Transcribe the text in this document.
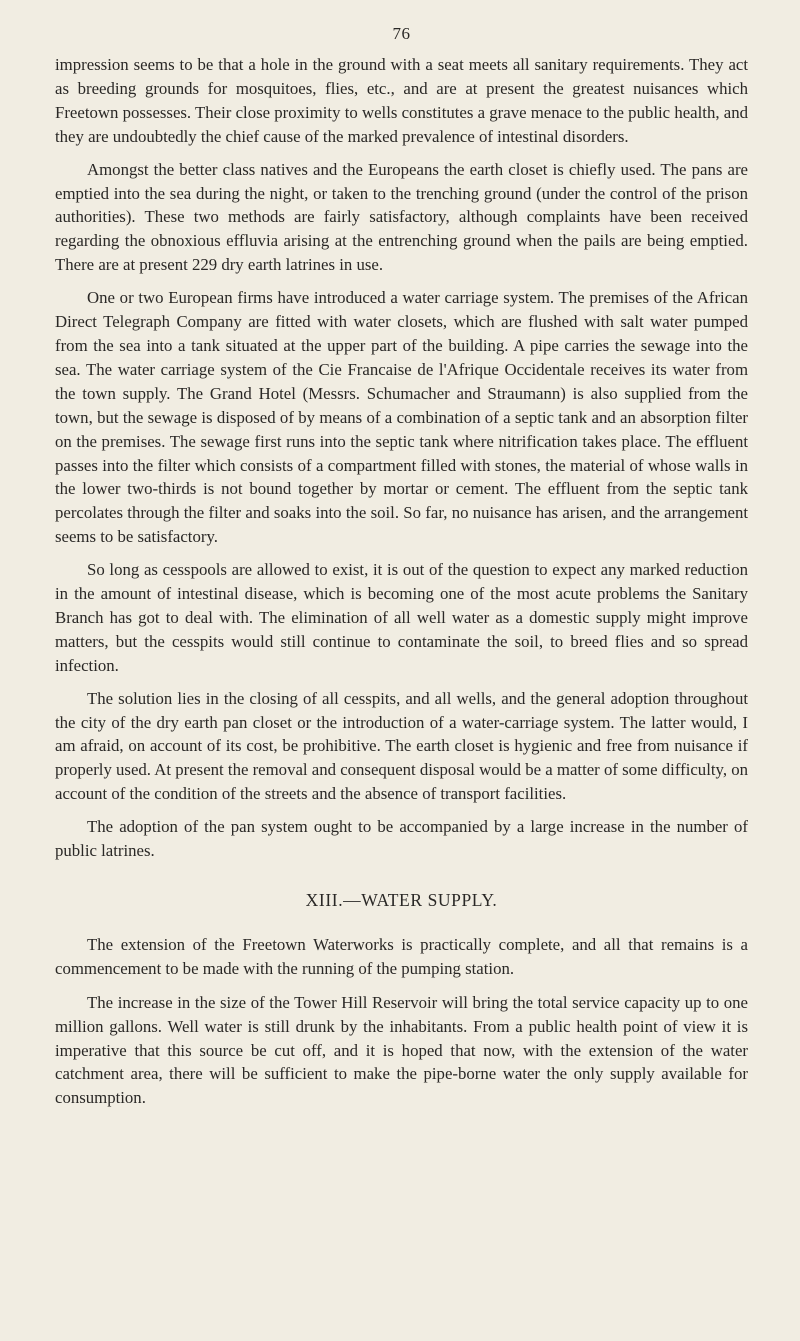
76

impression seems to be that a hole in the ground with a seat meets all sanitary requirements. They act as breeding grounds for mosquitoes, flies, etc., and are at present the greatest nuisances which Freetown possesses. Their close proximity to wells constitutes a grave menace to the public health, and they are undoubtedly the chief cause of the marked prevalence of intestinal disorders.

Amongst the better class natives and the Europeans the earth closet is chiefly used. The pans are emptied into the sea during the night, or taken to the trenching ground (under the control of the prison authorities). These two methods are fairly satisfactory, although complaints have been received regarding the obnoxious effluvia arising at the entrenching ground when the pails are being emptied. There are at present 229 dry earth latrines in use.

One or two European firms have introduced a water carriage system. The premises of the African Direct Telegraph Company are fitted with water closets, which are flushed with salt water pumped from the sea into a tank situated at the upper part of the building. A pipe carries the sewage into the sea. The water carriage system of the Cie Francaise de l'Afrique Occidentale receives its water from the town supply. The Grand Hotel (Messrs. Schumacher and Straumann) is also supplied from the town, but the sewage is disposed of by means of a combination of a septic tank and an absorption filter on the premises. The sewage first runs into the septic tank where nitrification takes place. The effluent passes into the filter which consists of a compartment filled with stones, the material of whose walls in the lower two-thirds is not bound together by mortar or cement. The effluent from the septic tank percolates through the filter and soaks into the soil. So far, no nuisance has arisen, and the arrangement seems to be satisfactory.

So long as cesspools are allowed to exist, it is out of the question to expect any marked reduction in the amount of intestinal disease, which is becoming one of the most acute problems the Sanitary Branch has got to deal with. The elimination of all well water as a domestic supply might improve matters, but the cesspits would still continue to contaminate the soil, to breed flies and so spread infection.

The solution lies in the closing of all cesspits, and all wells, and the general adoption throughout the city of the dry earth pan closet or the introduction of a water-carriage system. The latter would, I am afraid, on account of its cost, be prohibitive. The earth closet is hygienic and free from nuisance if properly used. At present the removal and consequent disposal would be a matter of some difficulty, on account of the condition of the streets and the absence of transport facilities.

The adoption of the pan system ought to be accompanied by a large increase in the number of public latrines.

XIII.—WATER SUPPLY.

The extension of the Freetown Waterworks is practically complete, and all that remains is a commencement to be made with the running of the pumping station.

The increase in the size of the Tower Hill Reservoir will bring the total service capacity up to one million gallons. Well water is still drunk by the inhabitants. From a public health point of view it is imperative that this source be cut off, and it is hoped that now, with the extension of the water catchment area, there will be sufficient to make the pipe-borne water the only supply available for consumption.
